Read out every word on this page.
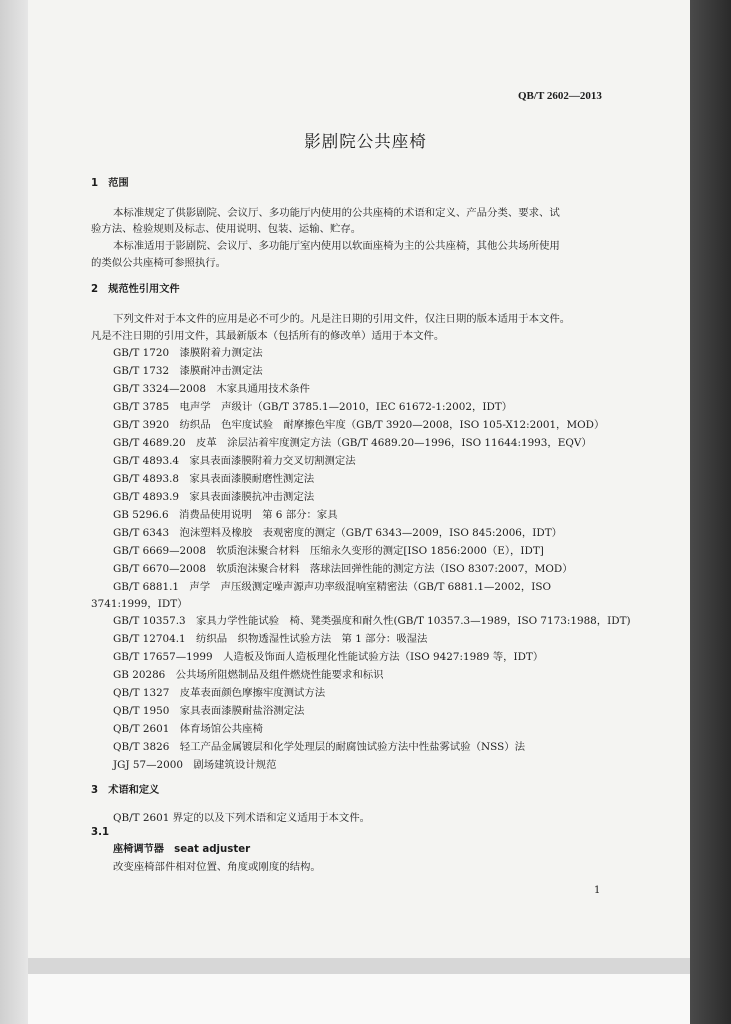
QB/T 2602—2013
影剧院公共座椅
1　范围
本标准规定了供影剧院、会议厅、多功能厅内使用的公共座椅的术语和定义、产品分类、要求、试
验方法、检验规则及标志、使用说明、包装、运输、贮存。
本标准适用于影剧院、会议厅、多功能厅室内使用以软面座椅为主的公共座椅，其他公共场所使用
的类似公共座椅可参照执行。
2　规范性引用文件
下列文件对于本文件的应用是必不可少的。凡是注日期的引用文件，仅注日期的版本适用于本文件。
凡是不注日期的引用文件，其最新版本（包括所有的修改单）适用于本文件。
GB/T 1720　漆膜附着力测定法
GB/T 1732　漆膜耐冲击测定法
GB/T 3324—2008　木家具通用技术条件
GB/T 3785　电声学　声级计（GB/T 3785.1—2010，IEC 61672-1:2002，IDT）
GB/T 3920　纺织品　色牢度试验　耐摩擦色牢度（GB/T 3920—2008，ISO 105-X12:2001，MOD）
GB/T 4689.20　皮革　涂层沾着牢度测定方法（GB/T 4689.20—1996，ISO 11644:1993，EQV）
GB/T 4893.4　家具表面漆膜附着力交叉切割测定法
GB/T 4893.8　家具表面漆膜耐磨性测定法
GB/T 4893.9　家具表面漆膜抗冲击测定法
GB 5296.6　消费品使用说明　第 6 部分：家具
GB/T 6343　泡沫塑料及橡胶　表观密度的测定（GB/T 6343—2009，ISO 845:2006，IDT）
GB/T 6669—2008　软质泡沫聚合材料　压缩永久变形的测定[ISO 1856:2000（E），IDT]
GB/T 6670—2008　软质泡沫聚合材料　落球法回弹性能的测定方法（ISO 8307:2007，MOD）
GB/T 6881.1　声学　声压级测定噪声源声功率级混响室精密法（GB/T 6881.1—2002，ISO
3741:1999，IDT）
GB/T 10357.3　家具力学性能试验　椅、凳类强度和耐久性(GB/T 10357.3—1989，ISO 7173:1988，IDT)
GB/T 12704.1　纺织品　织物透湿性试验方法　第 1 部分：吸湿法
GB/T 17657—1999　人造板及饰面人造板理化性能试验方法（ISO 9427:1989 等，IDT）
GB 20286　公共场所阻燃制品及组件燃烧性能要求和标识
QB/T 1327　皮革表面颜色摩擦牢度测试方法
QB/T 1950　家具表面漆膜耐盐浴测定法
QB/T 2601　体育场馆公共座椅
QB/T 3826　轻工产品金属镀层和化学处理层的耐腐蚀试验方法中性盐雾试验（NSS）法
JGJ 57—2000　剧场建筑设计规范
3　术语和定义
QB/T 2601 界定的以及下列术语和定义适用于本文件。
3.1
座椅调节器　seat adjuster
改变座椅部件相对位置、角度或刚度的结构。
1
